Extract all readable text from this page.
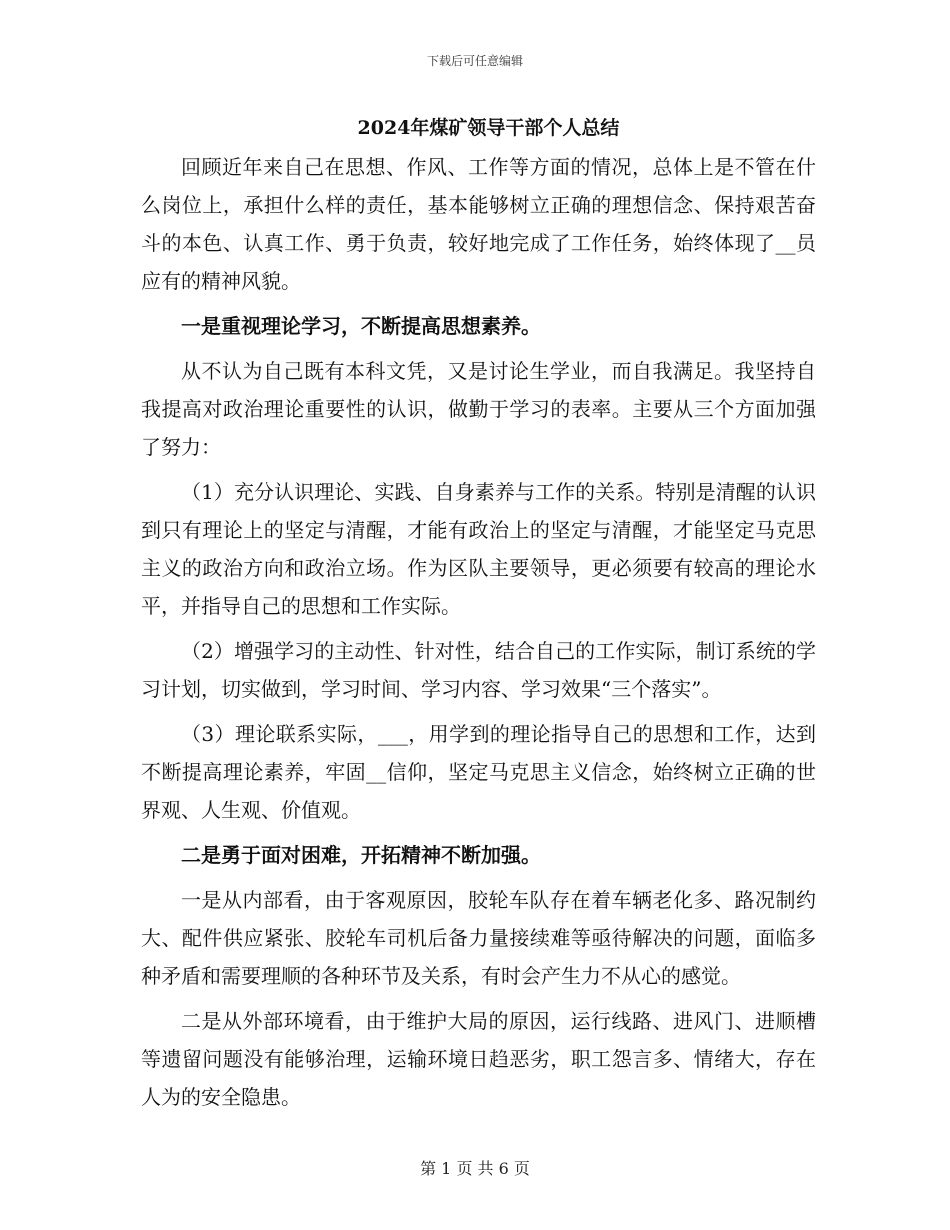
下载后可任意编辑
2024年煤矿领导干部个人总结

回顾近年来自己在思想、作风、工作等方面的情况，总体上是不管在什么岗位上，承担什么样的责任，基本能够树立正确的理想信念、保持艰苦奋斗的本色、认真工作、勇于负责，较好地完成了工作任务，始终体现了__员应有的精神风貌。

一是重视理论学习，不断提高思想素养。

从不认为自己既有本科文凭，又是讨论生学业，而自我满足。我坚持自我提高对政治理论重要性的认识，做勤于学习的表率。主要从三个方面加强了努力：

（1）充分认识理论、实践、自身素养与工作的关系。特别是清醒的认识到只有理论上的坚定与清醒，才能有政治上的坚定与清醒，才能坚定马克思主义的政治方向和政治立场。作为区队主要领导，更必须要有较高的理论水平，并指导自己的思想和工作实际。

（2）增强学习的主动性、针对性，结合自己的工作实际，制订系统的学习计划，切实做到，学习时间、学习内容、学习效果“三个落实”。

（3）理论联系实际，___，用学到的理论指导自己的思想和工作，达到不断提高理论素养，牢固__信仰，坚定马克思主义信念，始终树立正确的世界观、人生观、价值观。

二是勇于面对困难，开拓精神不断加强。

一是从内部看，由于客观原因，胶轮车队存在着车辆老化多、路况制约大、配件供应紧张、胶轮车司机后备力量接续难等亟待解决的问题，面临多种矛盾和需要理顺的各种环节及关系，有时会产生力不从心的感觉。

二是从外部环境看，由于维护大局的原因，运行线路、进风门、进顺槽等遗留问题没有能够治理，运输环境日趋恶劣，职工怨言多、情绪大，存在人为的安全隐患。

第 1 页 共 6 页
